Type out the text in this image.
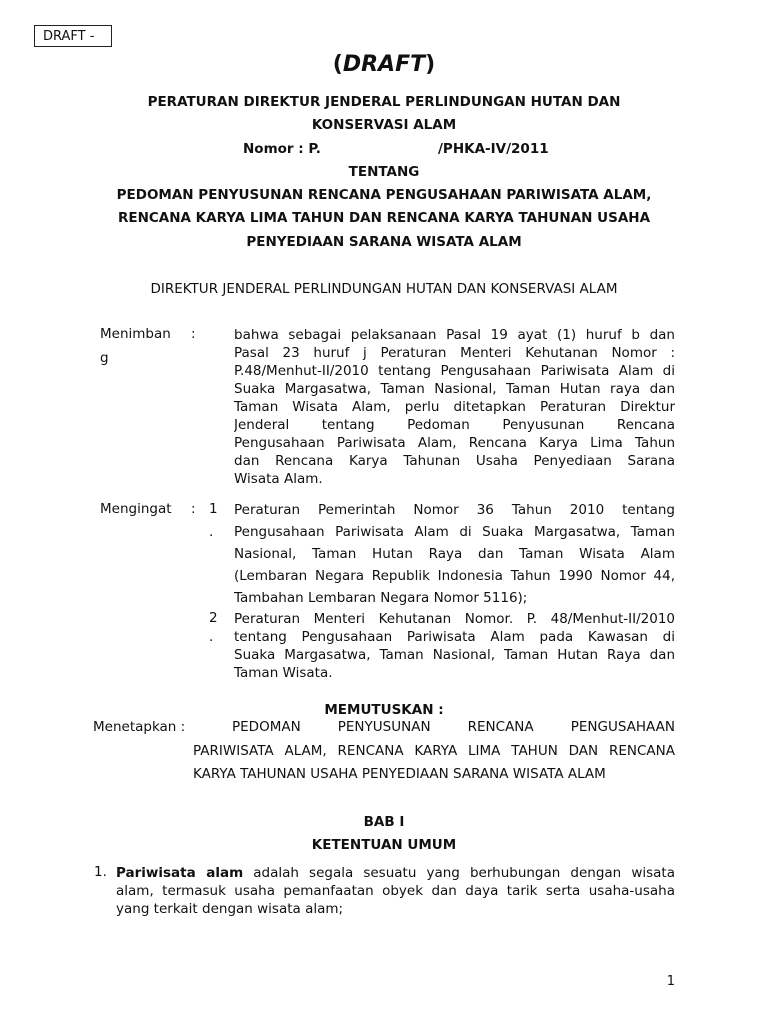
DRAFT -
(DRAFT)
PERATURAN DIREKTUR JENDERAL PERLINDUNGAN HUTAN DAN
KONSERVASI ALAM
Nomor : P.	/PHKA-IV/2011
TENTANG
PEDOMAN PENYUSUNAN RENCANA PENGUSAHAAN PARIWISATA ALAM,
RENCANA KARYA LIMA TAHUN DAN RENCANA KARYA TAHUNAN USAHA
PENYEDIAAN SARANA WISATA ALAM
DIREKTUR JENDERAL PERLINDUNGAN HUTAN DAN KONSERVASI ALAM
Menimban
g
:	bahwa sebagai pelaksanaan Pasal 19 ayat (1) huruf b dan
Pasal 23 huruf j Peraturan Menteri Kehutanan Nomor :
P.48/Menhut-II/2010 tentang Pengusahaan Pariwisata Alam di
Suaka Margasatwa, Taman Nasional, Taman Hutan raya dan
Taman Wisata Alam, perlu ditetapkan Peraturan Direktur
Jenderal tentang Pedoman Penyusunan Rencana
Pengusahaan Pariwisata Alam, Rencana Karya Lima Tahun
dan Rencana Karya Tahunan Usaha Penyediaan Sarana
Wisata Alam.
Mengingat : 1
.
Peraturan Pemerintah Nomor 36 Tahun 2010 tentang
Pengusahaan Pariwisata Alam di Suaka Margasatwa, Taman
Nasional, Taman Hutan Raya dan Taman Wisata Alam
(Lembaran Negara Republik Indonesia Tahun 1990 Nomor 44,
Tambahan Lembaran Negara Nomor 5116);
2
.
Peraturan Menteri Kehutanan Nomor. P. 48/Menhut-II/2010
tentang Pengusahaan Pariwisata Alam pada Kawasan di
Suaka Margasatwa, Taman Nasional, Taman Hutan Raya dan
Taman Wisata.
MEMUTUSKAN :
Menetapkan :	PEDOMAN PENYUSUNAN RENCANA PENGUSAHAAN
PARIWISATA ALAM, RENCANA KARYA LIMA TAHUN DAN RENCANA
KARYA TAHUNAN USAHA PENYEDIAAN SARANA WISATA ALAM
BAB I
KETENTUAN UMUM
1. Pariwisata alam adalah segala sesuatu yang berhubungan dengan wisata
alam, termasuk usaha pemanfaatan obyek dan daya tarik serta usaha-usaha
yang terkait dengan wisata alam;
1
